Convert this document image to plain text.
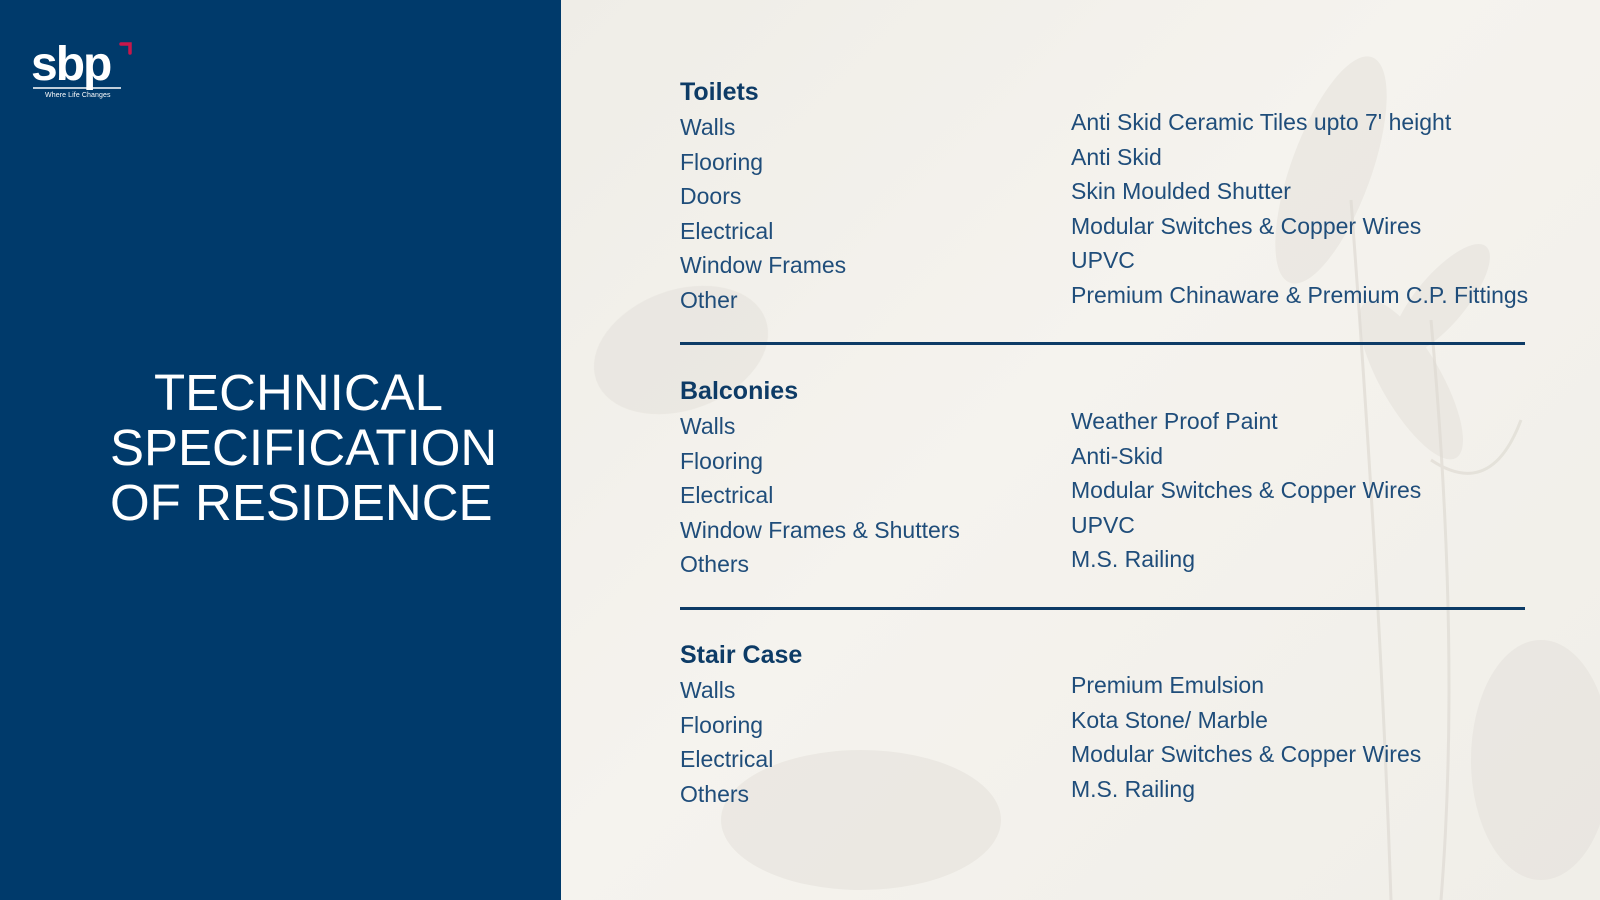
sbp
Where Life Changes
TECHNICAL
SPECIFICATION
OF RESIDENCE
Toilets
Walls	Anti Skid Ceramic Tiles upto 7' height
Flooring	Anti Skid
Doors	Skin Moulded Shutter
Electrical	Modular Switches & Copper Wires
Window Frames	UPVC
Other	Premium Chinaware & Premium C.P. Fittings
Balconies
Walls	Weather Proof Paint
Flooring	Anti-Skid
Electrical	Modular Switches & Copper Wires
Window Frames & Shutters	UPVC
Others	M.S. Railing
Stair Case
Walls	Premium Emulsion
Flooring	Kota Stone/ Marble
Electrical	Modular Switches & Copper Wires
Others	M.S. Railing
